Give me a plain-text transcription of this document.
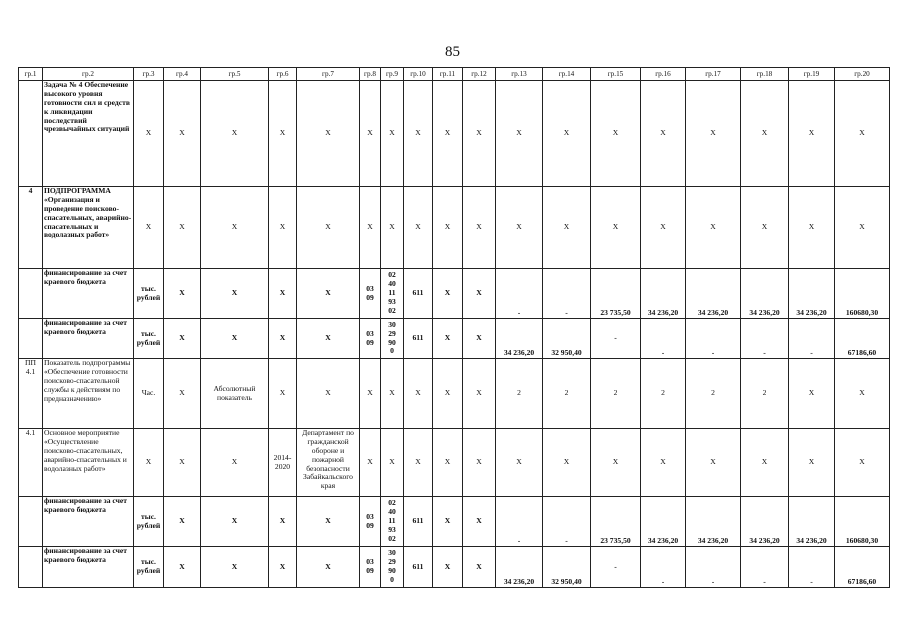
85
гр.1	гр.2	гр.3	гр.4	гр.5	гр.6	гр.7	гр.8	гр.9	гр.10	гр.11	гр.12	гр.13	гр.14	гр.15	гр.16	гр.17	гр.18	гр.19	гр.20
	Задача № 4 Обеспечение высокого уровня готовности сил и средств к ликвидации последствий чрезвычайных ситуаций	X	X	X	X	X	X	X	X	X	X	X	X	X	X	X	X	X	X
4	ПОДПРОГРАММА «Организация и проведение поисково-спасательных, аварийно-спасательных и водолазных работ»	X	X	X	X	X	X	X	X	X	X	X	X	X	X	X	X	X	X
	финансирование за счет краевого бюджета	тыс. рублей	X	X	X	X	03
09	02
40
11
93
02	611	X	X	-	-	23 735,50	34 236,20	34 236,20	34 236,20	34 236,20	160680,30
	финансирование за счет краевого бюджета	тыс. рублей	X	X	X	X	03
09	30
29
90
0	611	X	X	34 236,20	32 950,40	-	-	-	-	-	67186,60
ПП 4.1	Показатель подпрограммы «Обеспечение готовности поисково-спасательной службы к действиям по предназначению»	Час.	X	Абсолютный показатель	X	X	X	X	X	X	X	2	2	2	2	2	2	X	X
4.1	Основное мероприятие «Осуществление поисково-спасательных, аварийно-спасательных и водолазных работ»	X	X	X	2014-2020	Департамент по гражданской обороне и пожарной безопасности Забайкальского края	X	X	X	X	X	X	X	X	X	X	X	X	X
	финансирование за счет краевого бюджета	тыс. рублей	X	X	X	X	03
09	02
40
11
93
02	611	X	X	-	-	23 735,50	34 236,20	34 236,20	34 236,20	34 236,20	160680,30
	финансирование за счет краевого бюджета	тыс. рублей	X	X	X	X	03
09	30
29
90
0	611	X	X	34 236,20	32 950,40	-	-	-	-	-	67186,60
